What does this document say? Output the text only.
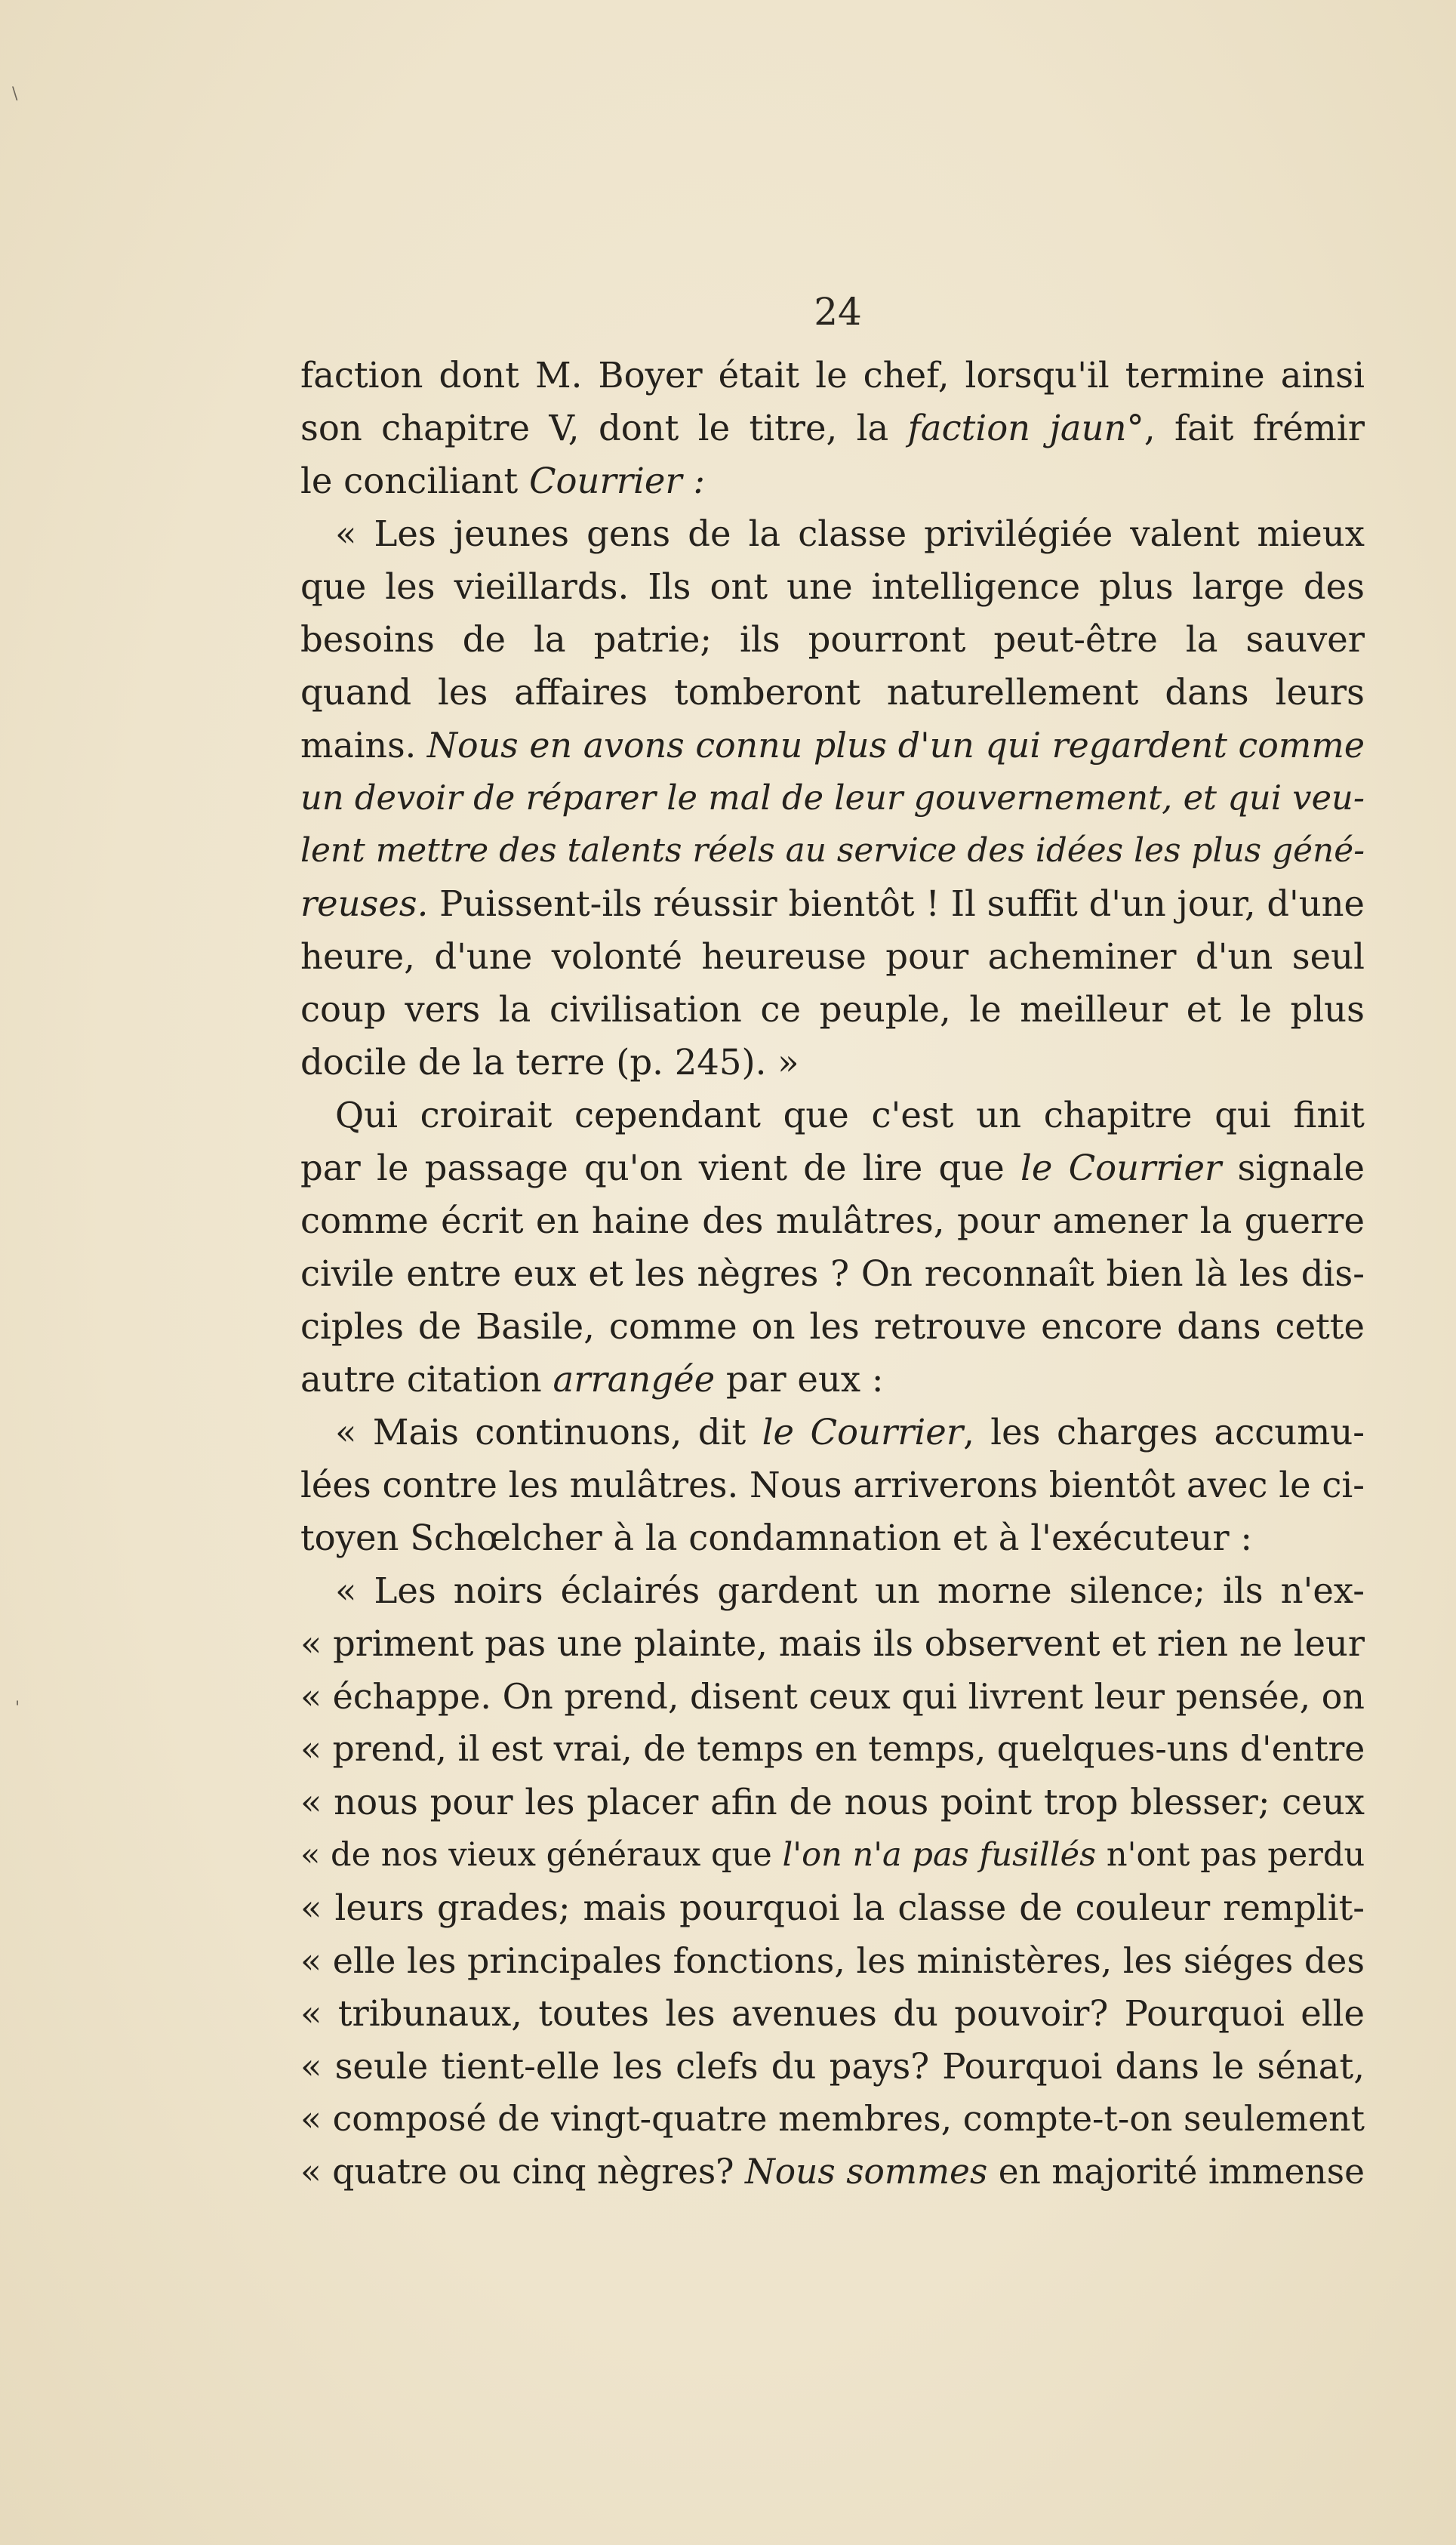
\
'
24
faction dont M. Boyer était le chef, lorsqu'il termine ainsi
son chapitre V, dont le titre, la faction jaun°, fait frémir
le conciliant Courrier :
« Les jeunes gens de la classe privilégiée valent mieux
que les vieillards. Ils ont une intelligence plus large des
besoins de la patrie; ils pourront peut-être la sauver
quand les affaires tomberont naturellement dans leurs
mains. Nous en avons connu plus d'un qui regardent comme
un devoir de réparer le mal de leur gouvernement, et qui veu-
lent mettre des talents réels au service des idées les plus géné-
reuses. Puissent-ils réussir bientôt ! Il suffit d'un jour, d'une
heure, d'une volonté heureuse pour acheminer d'un seul
coup vers la civilisation ce peuple, le meilleur et le plus
docile de la terre (p. 245). »
Qui croirait cependant que c'est un chapitre qui finit
par le passage qu'on vient de lire que le Courrier signale
comme écrit en haine des mulâtres, pour amener la guerre
civile entre eux et les nègres ? On reconnaît bien là les dis-
ciples de Basile, comme on les retrouve encore dans cette
autre citation arrangée par eux :
« Mais continuons, dit le Courrier, les charges accumu-
lées contre les mulâtres. Nous arriverons bientôt avec le ci-
toyen Schœlcher à la condamnation et à l'exécuteur :
« Les noirs éclairés gardent un morne silence; ils n'ex-
« priment pas une plainte, mais ils observent et rien ne leur
« échappe. On prend, disent ceux qui livrent leur pensée, on
« prend, il est vrai, de temps en temps, quelques-uns d'entre
« nous pour les placer afin de nous point trop blesser; ceux
« de nos vieux généraux que l'on n'a pas fusillés n'ont pas perdu
« leurs grades; mais pourquoi la classe de couleur remplit-
« elle les principales fonctions, les ministères, les siéges des
« tribunaux, toutes les avenues du pouvoir? Pourquoi elle
« seule tient-elle les clefs du pays? Pourquoi dans le sénat,
« composé de vingt-quatre membres, compte-t-on seulement
« quatre ou cinq nègres? Nous sommes en majorité immense
